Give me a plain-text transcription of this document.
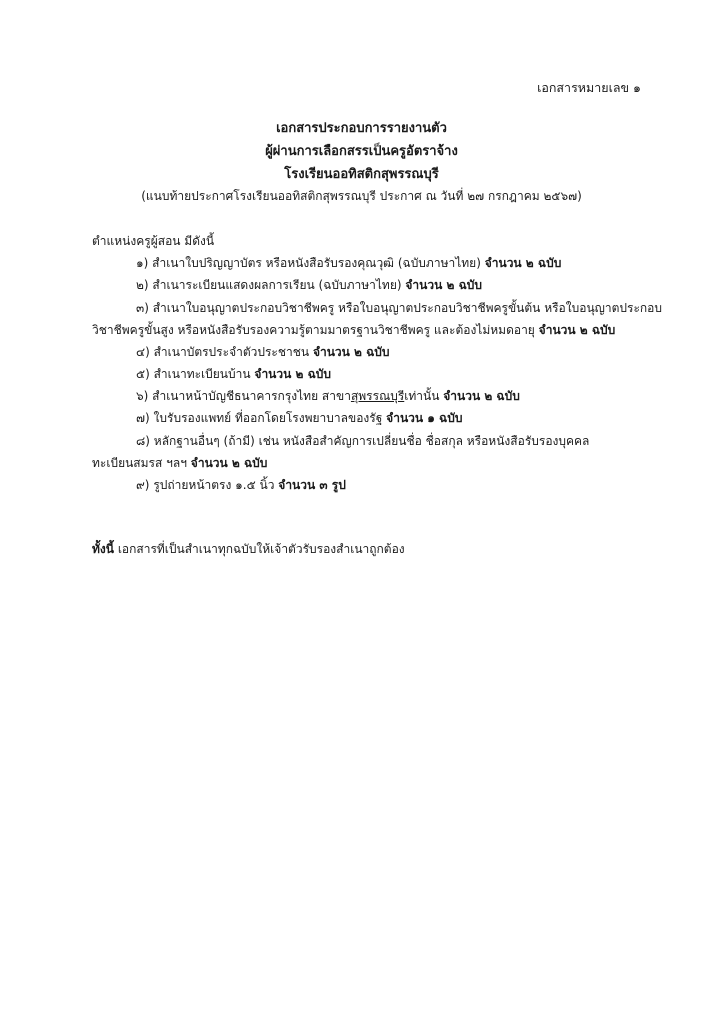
เอกสารหมายเลข ๑
เอกสารประกอบการรายงานตัว
ผู้ผ่านการเลือกสรรเป็นครูอัตราจ้าง
โรงเรียนออทิสติกสุพรรณบุรี
(แนบท้ายประกาศโรงเรียนออทิสติกสุพรรณบุรี ประกาศ ณ วันที่ ๒๗ กรกฎาคม ๒๕๖๗)
ตำแหน่งครูผู้สอน มีดังนี้
๑) สำเนาใบปริญญาบัตร หรือหนังสือรับรองคุณวุฒิ (ฉบับภาษาไทย) จำนวน ๒ ฉบับ
๒) สำเนาระเบียนแสดงผลการเรียน (ฉบับภาษาไทย) จำนวน ๒ ฉบับ
๓) สำเนาใบอนุญาตประกอบวิชาชีพครู หรือใบอนุญาตประกอบวิชาชีพครูขั้นต้น หรือใบอนุญาตประกอบ
วิชาชีพครูขั้นสูง หรือหนังสือรับรองความรู้ตามมาตรฐานวิชาชีพครู และต้องไม่หมดอายุ จำนวน ๒ ฉบับ
๔) สำเนาบัตรประจำตัวประชาชน จำนวน ๒ ฉบับ
๕) สำเนาทะเบียนบ้าน จำนวน ๒ ฉบับ
๖) สำเนาหน้าบัญชีธนาคารกรุงไทย สาขาสุพรรณบุรีเท่านั้น จำนวน ๒ ฉบับ
๗) ใบรับรองแพทย์ ที่ออกโดยโรงพยาบาลของรัฐ จำนวน ๑ ฉบับ
๘) หลักฐานอื่นๆ (ถ้ามี) เช่น หนังสือสำคัญการเปลี่ยนชื่อ ชื่อสกุล หรือหนังสือรับรองบุคคล
ทะเบียนสมรส ฯลฯ จำนวน ๒ ฉบับ
๙) รูปถ่ายหน้าตรง ๑.๕ นิ้ว จำนวน ๓ รูป
ทั้งนี้ เอกสารที่เป็นสำเนาทุกฉบับให้เจ้าตัวรับรองสำเนาถูกต้อง
